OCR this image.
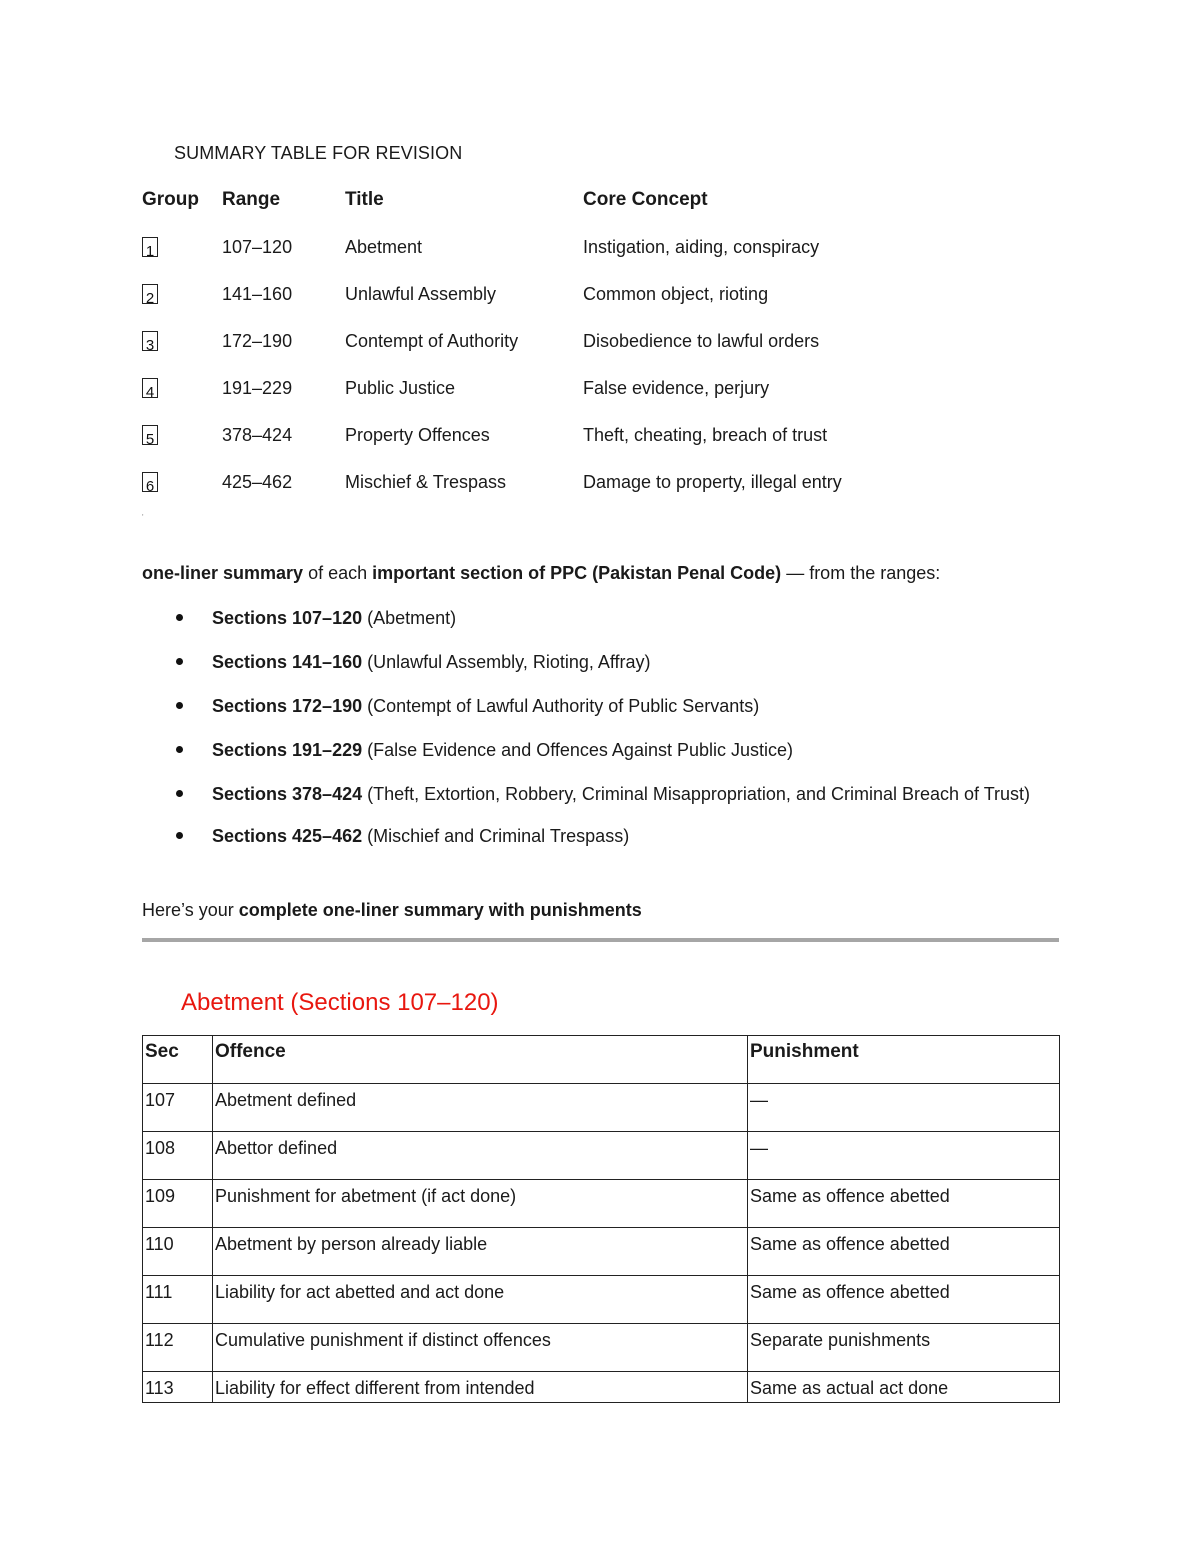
SUMMARY TABLE FOR REVISION
Group Range	Title	Core Concept
1	107–120	Abetment	Instigation, aiding, conspiracy
2	141–160	Unlawful Assembly	Common object, rioting
3	172–190	Contempt of Authority	Disobedience to lawful orders
4	191–229	Public Justice	False evidence, perjury
5	378–424	Property Offences	Theft, cheating, breach of trust
6	425–462	Mischief & Trespass	Damage to property, illegal entry
'
one-liner summary of each important section of PPC (Pakistan Penal Code) — from the ranges:
Sections 107–120 (Abetment)
Sections 141–160 (Unlawful Assembly, Rioting, Affray)
Sections 172–190 (Contempt of Lawful Authority of Public Servants)
Sections 191–229 (False Evidence and Offences Against Public Justice)
Sections 378–424 (Theft, Extortion, Robbery, Criminal Misappropriation, and Criminal Breach of Trust)
Sections 425–462 (Mischief and Criminal Trespass)
Here’s your complete one-liner summary with punishments
Abetment (Sections 107–120)
Sec	Offence	Punishment
107	Abetment defined	—
108	Abettor defined	—
109	Punishment for abetment (if act done)	Same as offence abetted
110	Abetment by person already liable	Same as offence abetted
111	Liability for act abetted and act done	Same as offence abetted
112	Cumulative punishment if distinct offences	Separate punishments
113	Liability for effect different from intended	Same as actual act done
